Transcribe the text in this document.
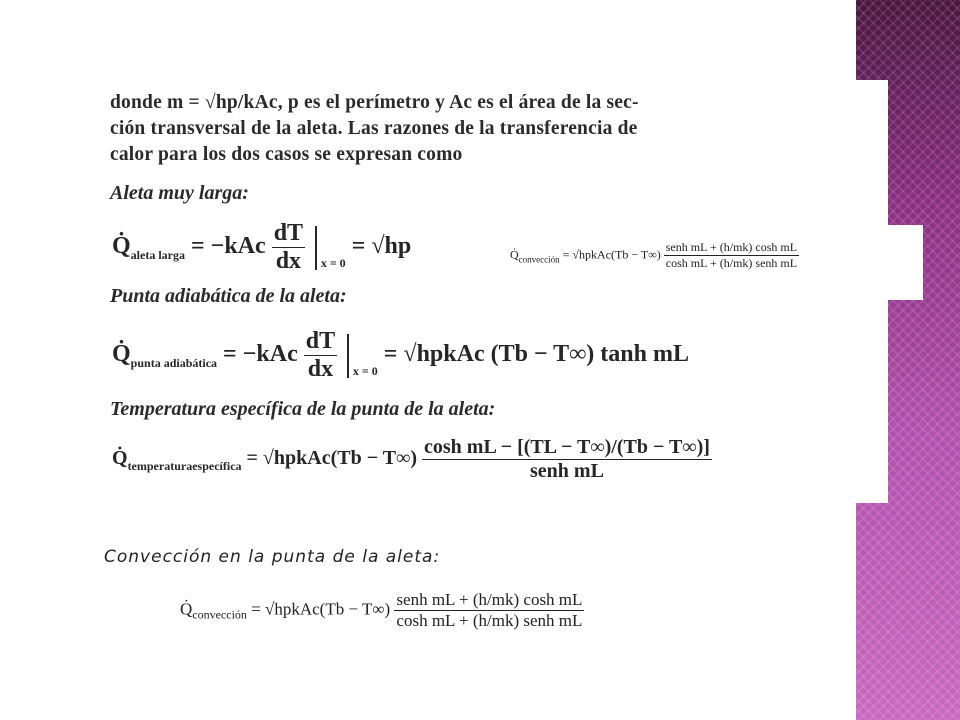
donde m = √hp/kAc, p es el perímetro y Ac es el área de la sec-
ción transversal de la aleta. Las razones de la transferencia de
calor para los dos casos se expresan como
Aleta muy larga:
$Q̇_{aleta larga} = -kAc \frac{dT}{dx} _{x = 0} = √hp$	$Q̇_{convección}$ = √hpkAc(Tb − $T\infty) \frac{\text{senh mL + (h/mk) cosh mL}}{\text{cosh mL + (h/mk) senh mL}}$
Punta adiabática de la aleta:
$Q̇_{punta adiabática} = -kAc \frac{dT}{dx} _{x = 0}$ = √hpkAc (Tb − T∞) tanh mL
Temperatura específica de la punta de la aleta:
$Q̇_{temperaturaespecífica}$ = √hpkAc(Tb − $T\infty) \frac{\text{cosh mL − [(TL − T∞)/(Tb − T∞)]}}{\text{senh mL}}$
Convección en la punta de la aleta:
$Q̇_{convección}$ = √hpkAc(Tb − $T\infty) \frac{\text{senh mL + (h/mk) cosh mL}}{\text{cosh mL + (h/mk) senh mL}}$
